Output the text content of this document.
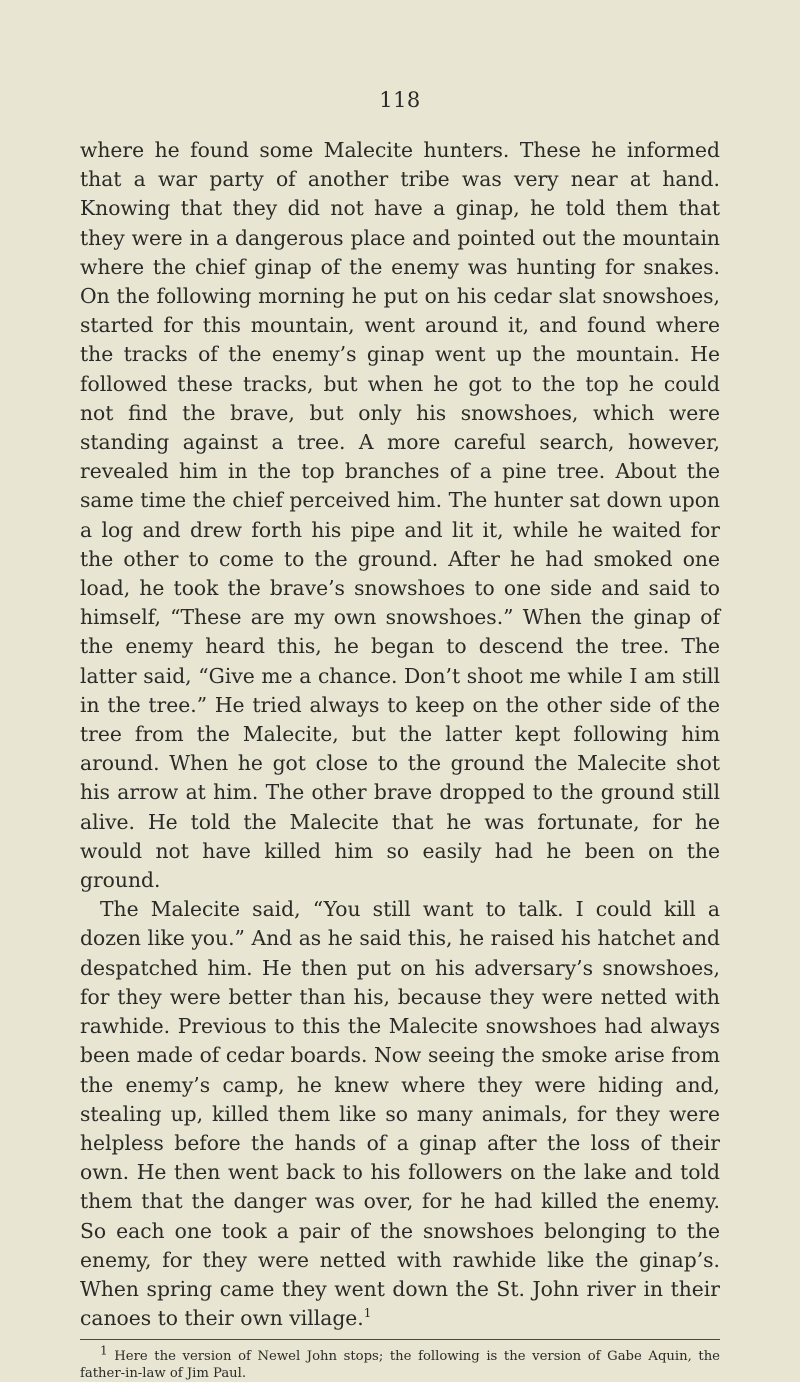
118

where he found some Malecite hunters. These he informed that a war party of another tribe was very near at hand. Knowing that they did not have a ginap, he told them that they were in a dangerous place and pointed out the mountain where the chief ginap of the enemy was hunting for snakes. On the following morning he put on his cedar slat snowshoes, started for this mountain, went around it, and found where the tracks of the enemy’s ginap went up the mountain. He followed these tracks, but when he got to the top he could not find the brave, but only his snowshoes, which were standing against a tree. A more careful search, however, revealed him in the top branches of a pine tree. About the same time the chief perceived him. The hunter sat down upon a log and drew forth his pipe and lit it, while he waited for the other to come to the ground. After he had smoked one load, he took the brave’s snowshoes to one side and said to himself, “These are my own snowshoes.” When the ginap of the enemy heard this, he began to descend the tree. The latter said, “Give me a chance. Don’t shoot me while I am still in the tree.” He tried always to keep on the other side of the tree from the Malecite, but the latter kept following him around. When he got close to the ground the Malecite shot his arrow at him. The other brave dropped to the ground still alive. He told the Malecite that he was fortunate, for he would not have killed him so easily had he been on the ground.

The Malecite said, “You still want to talk. I could kill a dozen like you.” And as he said this, he raised his hatchet and despatched him. He then put on his adversary’s snowshoes, for they were better than his, because they were netted with rawhide. Previous to this the Malecite snowshoes had always been made of cedar boards. Now seeing the smoke arise from the enemy’s camp, he knew where they were hiding and, stealing up, killed them like so many animals, for they were helpless before the hands of a ginap after the loss of their own. He then went back to his followers on the lake and told them that the danger was over, for he had killed the enemy. So each one took a pair of the snowshoes belonging to the enemy, for they were netted with rawhide like the ginap’s. When spring came they went down the St. John river in their canoes to their own village.$^1$

$^1$ Here the version of Newel John stops; the following is the version of Gabe Aquin, the father-in-law of Jim Paul.
